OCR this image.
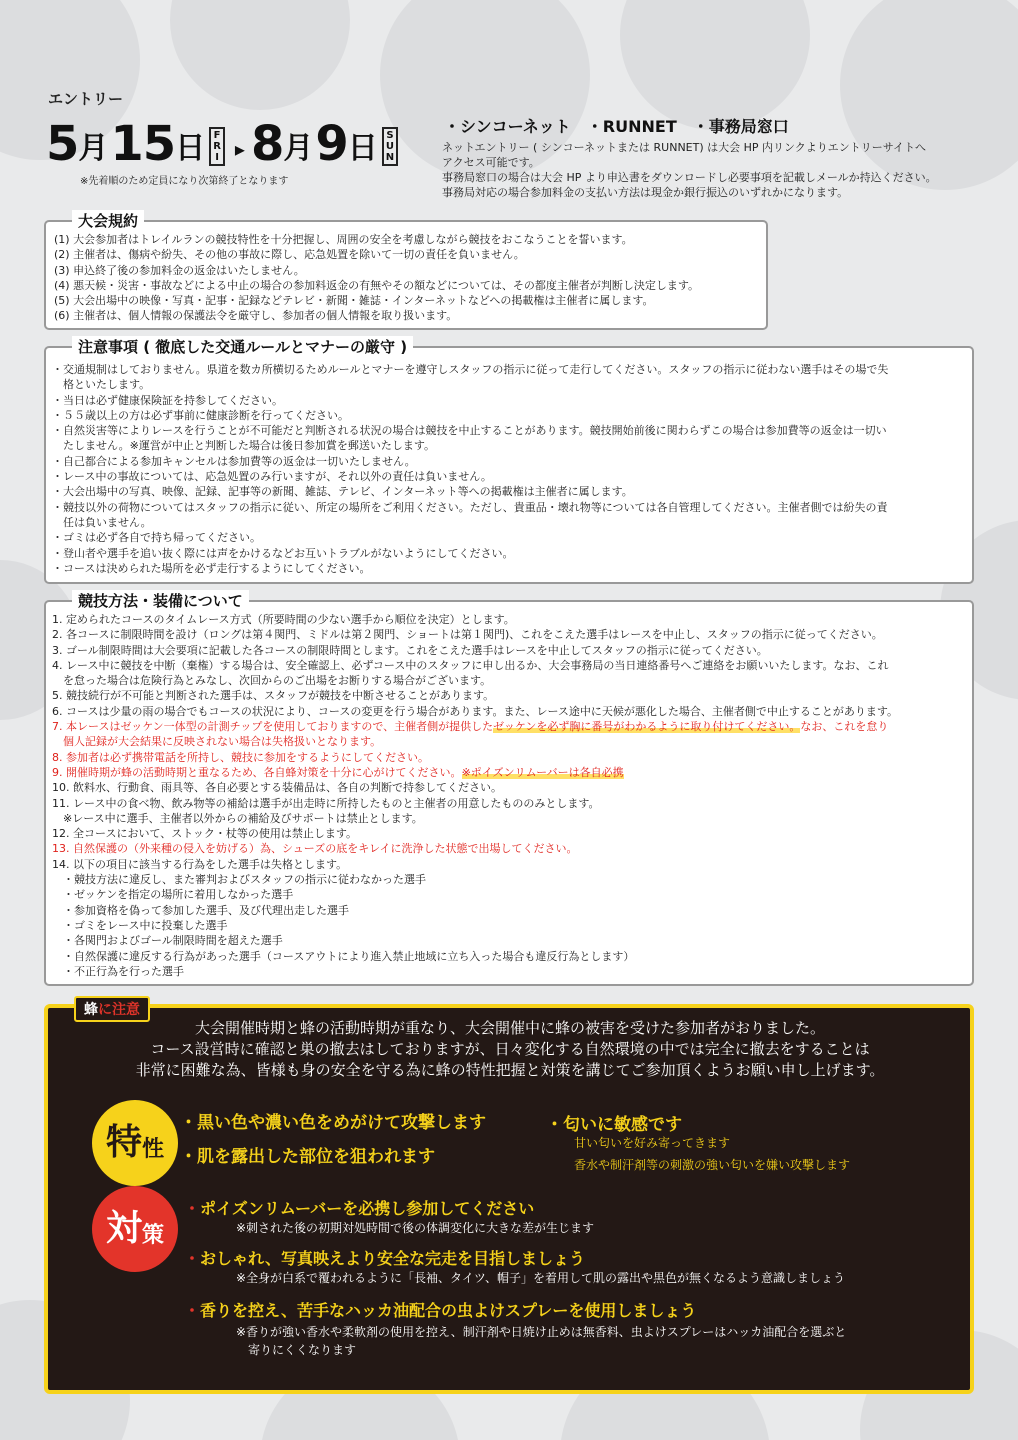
エントリー
5 月 15 日 F
R
I ▸ 8 月 9 日 S
U
N
※先着順のため定員になり次第終了となります
・シンコーネット　・RUNNET　・事務局窓口
ネットエントリー ( シンコーネットまたは RUNNET) は大会 HP 内リンクよりエントリーサイトへ
アクセス可能です。
事務局窓口の場合は大会 HP より申込書をダウンロードし必要事項を記載しメールか持込ください。
事務局対応の場合参加料金の支払い方法は現金か銀行振込のいずれかになります。
(1) 大会参加者はトレイルランの競技特性を十分把握し、周囲の安全を考慮しながら競技をおこなうことを誓います。
(2) 主催者は、傷病や紛失、その他の事故に際し、応急処置を除いて一切の責任を負いません。
(3) 申込終了後の参加料金の返金はいたしません。
(4) 悪天候・災害・事故などによる中止の場合の参加料返金の有無やその額などについては、その都度主催者が判断し決定します。
(5) 大会出場中の映像・写真・記事・記録などテレビ・新聞・雑誌・インターネットなどへの掲載権は主催者に属します。
(6) 主催者は、個人情報の保護法令を厳守し、参加者の個人情報を取り扱います。
大会規約
・交通規制はしておりません。県道を数カ所横切るためルールとマナーを遵守しスタッフの指示に従って走行してください。スタッフの指示に従わない選手はその場で失
　格といたします。
・当日は必ず健康保険証を持参してください。
・５５歳以上の方は必ず事前に健康診断を行ってください。
・自然災害等によりレースを行うことが不可能だと判断される状況の場合は競技を中止することがあります。競技開始前後に関わらずこの場合は参加費等の返金は一切い
　たしません。※運営が中止と判断した場合は後日参加賞を郵送いたします。
・自己都合による参加キャンセルは参加費等の返金は一切いたしません。
・レース中の事故については、応急処置のみ行いますが、それ以外の責任は負いません。
・大会出場中の写真、映像、記録、記事等の新聞、雑誌、テレビ、インターネット等への掲載権は主催者に属します。
・競技以外の荷物についてはスタッフの指示に従い、所定の場所をご利用ください。ただし、貴重品・壊れ物等については各自管理してください。主催者側では紛失の責
　任は負いません。
・ゴミは必ず各自で持ち帰ってください。
・登山者や選手を追い抜く際には声をかけるなどお互いトラブルがないようにしてください。
・コースは決められた場所を必ず走行するようにしてください。
注意事項 ( 徹底した交通ルールとマナーの厳守 )
1. 定められたコースのタイムレース方式（所要時間の少ない選手から順位を決定）とします。
2. 各コースに制限時間を設け（ロングは第４関門、ミドルは第２関門、ショートは第１関門)、これをこえた選手はレースを中止し、スタッフの指示に従ってください。
3. ゴール制限時間は大会要項に記載した各コースの制限時間とします。これをこえた選手はレースを中止してスタッフの指示に従ってください。
4. レース中に競技を中断（棄権）する場合は、安全確認上、必ずコース中のスタッフに申し出るか、大会事務局の当日連絡番号へご連絡をお願いいたします。なお、これ
　を怠った場合は危険行為とみなし、次回からのご出場をお断りする場合がございます。
5. 競技続行が不可能と判断された選手は、スタッフが競技を中断させることがあります。
6. コースは少量の雨の場合でもコースの状況により、コースの変更を行う場合があります。また、レース途中に天候が悪化した場合、主催者側で中止することがあります。
7. 本レースはゼッケン一体型の計測チップを使用しておりますので、主催者側が提供したゼッケンを必ず胸に番号がわかるように取り付けてください。なお、これを怠り
　個人記録が大会結果に反映されない場合は失格扱いとなります。
8. 参加者は必ず携帯電話を所持し、競技に参加をするようにしてください。
9. 開催時期が蜂の活動時期と重なるため、各自蜂対策を十分に心がけてください。※ポイズンリムーバーは各自必携
10. 飲料水、行動食、雨具等、各自必要とする装備品は、各自の判断で持参してください。
11. レース中の食べ物、飲み物等の補給は選手が出走時に所持したものと主催者の用意したもののみとします。
　※レース中に選手、主催者以外からの補給及びサポートは禁止とします。
12. 全コースにおいて、ストック・杖等の使用は禁止します。
13. 自然保護の（外来種の侵入を妨げる）為、シューズの底をキレイに洗浄した状態で出場してください。
14. 以下の項目に該当する行為をした選手は失格とします。
　・競技方法に違反し、また審判およびスタッフの指示に従わなかった選手
　・ゼッケンを指定の場所に着用しなかった選手
　・参加資格を偽って参加した選手、及び代理出走した選手
　・ゴミをレース中に投棄した選手
　・各関門およびゴール制限時間を超えた選手
　・自然保護に違反する行為があった選手（コースアウトにより進入禁止地域に立ち入った場合も違反行為とします）
　・不正行為を行った選手
競技方法・装備について
蜂に注意
大会開催時期と蜂の活動時期が重なり、大会開催中に蜂の被害を受けた参加者がおりました。
コース設営時に確認と巣の撤去はしておりますが、日々変化する自然環境の中では完全に撤去をすることは
非常に困難な為、皆様も身の安全を守る為に蜂の特性把握と対策を講じてご参加頂くようお願い申し上げます。
特 性
・黒い色や濃い色をめがけて攻撃します
・肌を露出した部位を狙われます
・匂いに敏感です
甘い匂いを好み寄ってきます
香水や制汗剤等の刺激の強い匂いを嫌い攻撃します
対 策
・ポイズンリムーバーを必携し参加してください
※刺された後の初期対処時間で後の体調変化に大きな差が生じます
・おしゃれ、写真映えより安全な完走を目指しましょう
※全身が白系で覆われるように「長袖、タイツ、帽子」を着用して肌の露出や黒色が無くなるよう意識しましょう
・香りを控え、苦手なハッカ油配合の虫よけスプレーを使用しましょう
※香りが強い香水や柔軟剤の使用を控え、制汗剤や日焼け止めは無香料、虫よけスプレーはハッカ油配合を選ぶと
　寄りにくくなります
